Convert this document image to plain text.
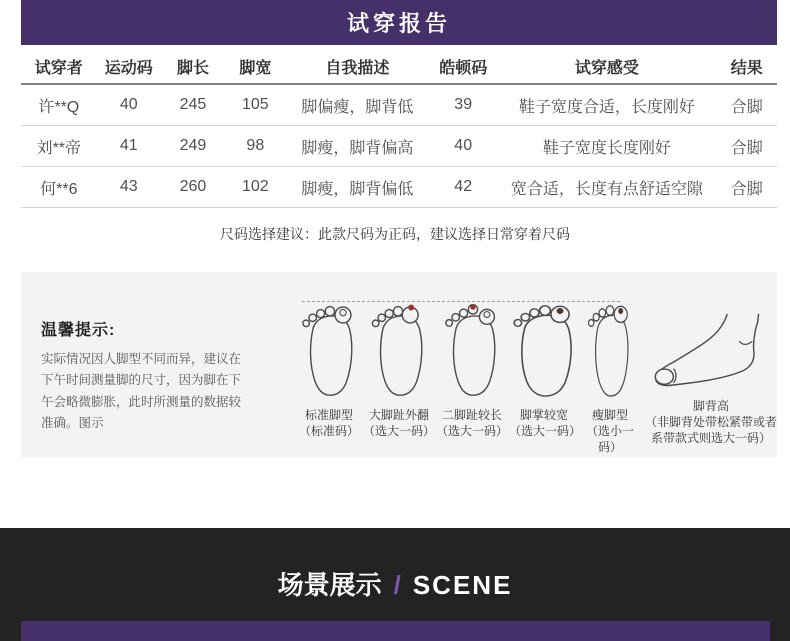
试穿报告
试穿者	运动码	脚长	脚宽	自我描述	皓顿码	试穿感受	结果
许**Q	40	245	105	脚偏瘦，脚背低	39	鞋子宽度合适，长度刚好	合脚
刘**帝	41	249	98	脚瘦，脚背偏高	40	鞋子宽度长度刚好	合脚
何**6	43	260	102	脚瘦，脚背偏低	42	宽合适，长度有点舒适空隙	合脚
尺码选择建议：此款尺码为正码，建议选择日常穿着尺码
温馨提示:
实际情况因人脚型不同而异，建议在下午时间测量脚的尺寸，因为脚在下午会略微膨胀，此时所测量的数据较准确。图示
标准脚型
（标准码）
大脚趾外翻
（选大一码）
二脚趾较长
（选大一码）
脚掌较宽
（选大一码）
瘦脚型
（选小一码）
脚背高
（非脚背处带松紧带或者系带款式则选大一码）
场景展示 / SCENE
